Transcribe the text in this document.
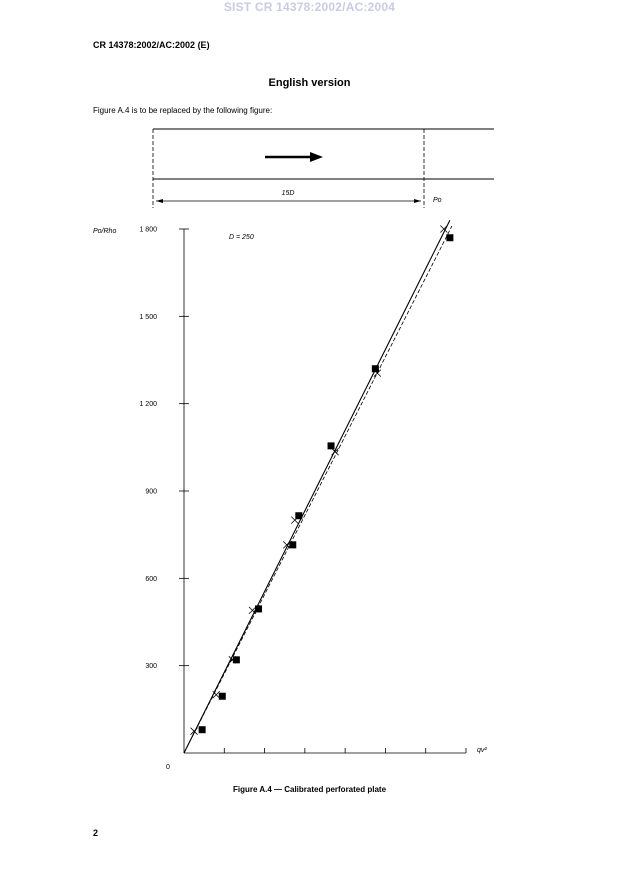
SIST CR 14378:2002/AC:2004
CR 14378:2002/AC:2002 (E)
English version
Figure A.4 is to be replaced by the following figure:
15D
Po
Po/Rho
qv²
D = 250
0
300
600
900
1 200
1 500
1 800
Figure A.4 — Calibrated perforated plate
2
